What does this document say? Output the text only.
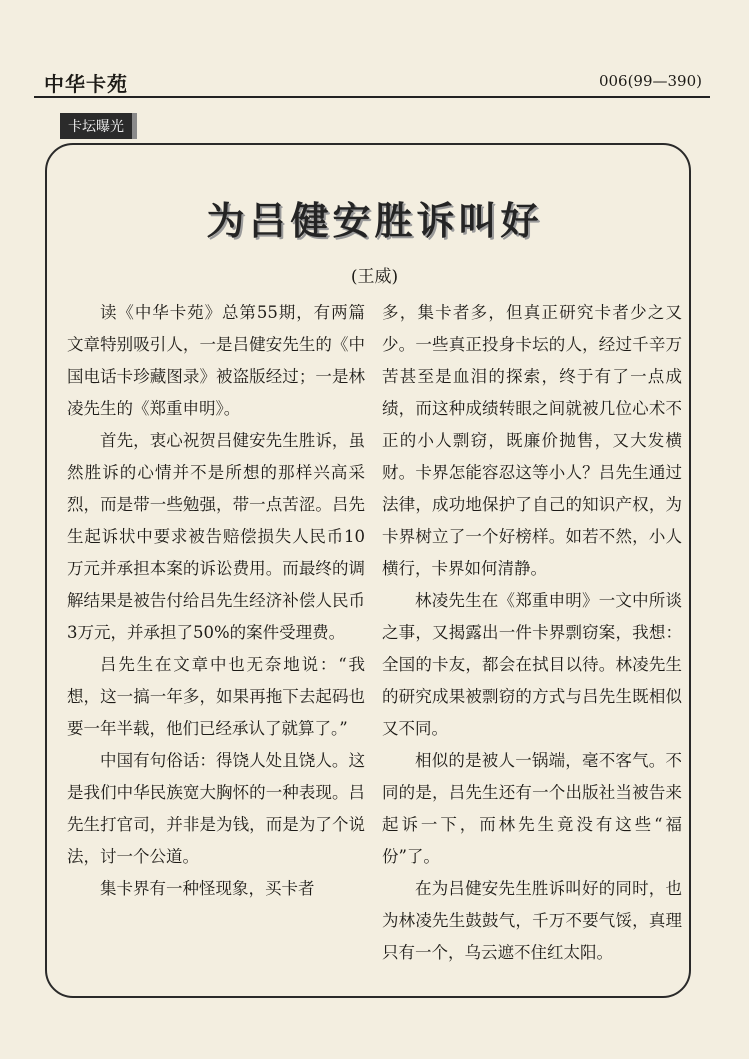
中华卡苑	006(99—390)
卡坛曝光
为吕健安胜诉叫好
(王威)

读《中华卡苑》总第55期，有两篇文章特别吸引人，一是吕健安先生的《中国电话卡珍藏图录》被盗版经过；一是林凌先生的《郑重申明》。

首先，衷心祝贺吕健安先生胜诉，虽然胜诉的心情并不是所想的那样兴高采烈，而是带一些勉强，带一点苦涩。吕先生起诉状中要求被告赔偿损失人民币10万元并承担本案的诉讼费用。而最终的调解结果是被告付给吕先生经济补偿人民币3万元，并承担了50%的案件受理费。

吕先生在文章中也无奈地说：“我想，这一搞一年多，如果再拖下去起码也要一年半载，他们已经承认了就算了。”

中国有句俗话：得饶人处且饶人。这是我们中华民族宽大胸怀的一种表现。吕先生打官司，并非是为钱，而是为了个说法，讨一个公道。

集卡界有一种怪现象，买卡者

多，集卡者多，但真正研究卡者少之又少。一些真正投身卡坛的人，经过千辛万苦甚至是血泪的探索，终于有了一点成绩，而这种成绩转眼之间就被几位心术不正的小人剽窃，既廉价抛售，又大发横财。卡界怎能容忍这等小人？吕先生通过法律，成功地保护了自己的知识产权，为卡界树立了一个好榜样。如若不然，小人横行，卡界如何清静。

林凌先生在《郑重申明》一文中所谈之事，又揭露出一件卡界剽窃案，我想：全国的卡友，都会在拭目以待。林凌先生的研究成果被剽窃的方式与吕先生既相似又不同。

相似的是被人一锅端，毫不客气。不同的是，吕先生还有一个出版社当被告来起诉一下，而林先生竟没有这些“福份”了。

在为吕健安先生胜诉叫好的同时，也为林凌先生鼓鼓气，千万不要气馁，真理只有一个，乌云遮不住红太阳。
